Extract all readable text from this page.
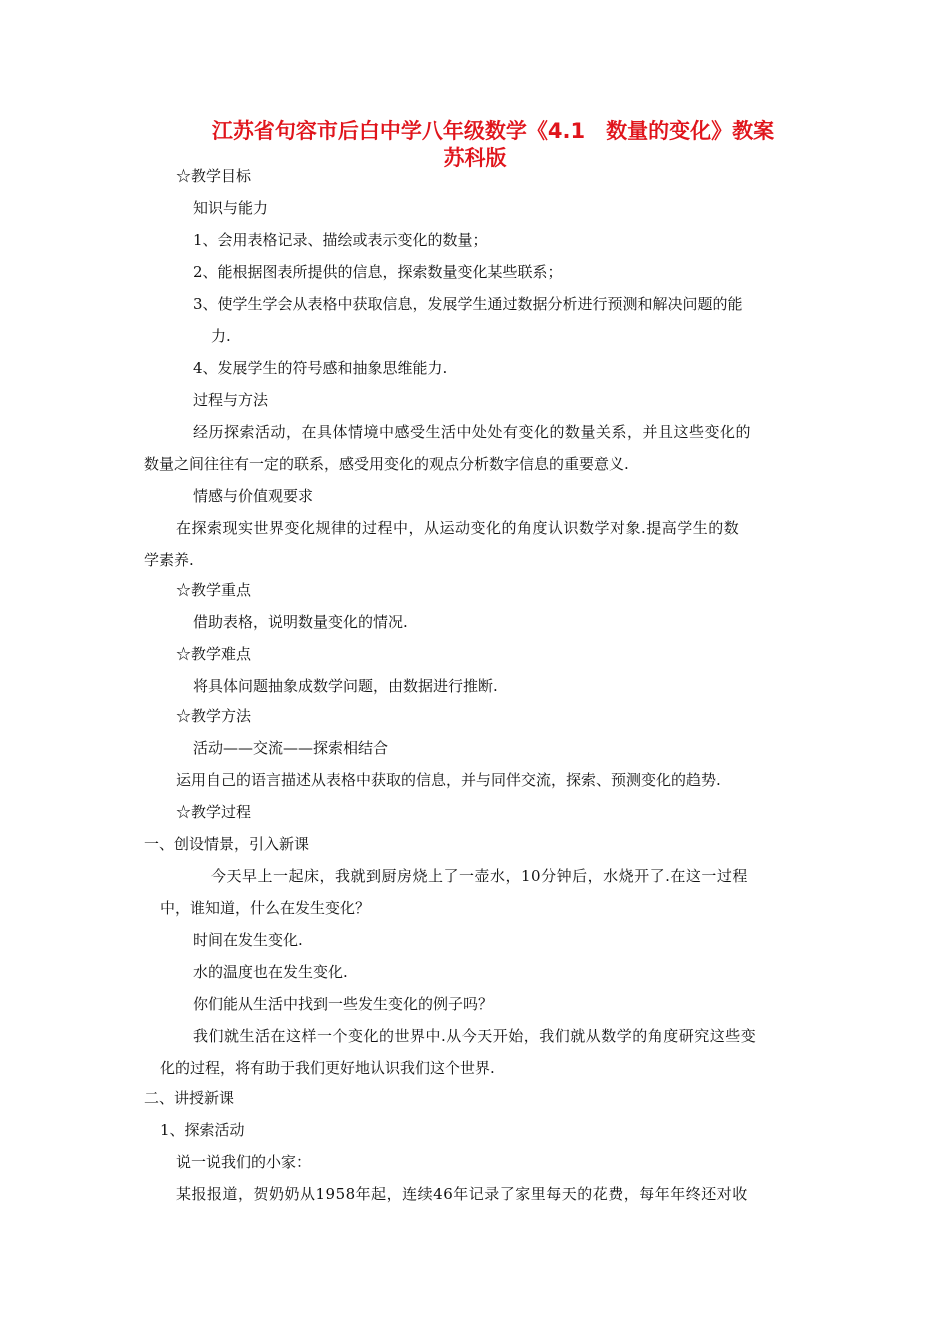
江苏省句容市后白中学八年级数学《4.1　数量的变化》教案
苏科版
☆教学目标
知识与能力
1、会用表格记录、描绘或表示变化的数量；
2、能根据图表所提供的信息，探索数量变化某些联系；
3、使学生学会从表格中获取信息，发展学生通过数据分析进行预测和解决问题的能
力.
4、发展学生的符号感和抽象思维能力.
过程与方法
经历探索活动，在具体情境中感受生活中处处有变化的数量关系，并且这些变化的
数量之间往往有一定的联系，感受用变化的观点分析数字信息的重要意义.
情感与价值观要求
在探索现实世界变化规律的过程中，从运动变化的角度认识数学对象.提高学生的数
学素养.
☆教学重点
借助表格，说明数量变化的情况.
☆教学难点
将具体问题抽象成数学问题，由数据进行推断.
☆教学方法
活动——交流——探索相结合
运用自己的语言描述从表格中获取的信息，并与同伴交流，探索、预测变化的趋势.
☆教学过程
一、创设情景，引入新课
今天早上一起床，我就到厨房烧上了一壶水，10分钟后，水烧开了.在这一过程
中，谁知道，什么在发生变化？
时间在发生变化.
水的温度也在发生变化.
你们能从生活中找到一些发生变化的例子吗？
我们就生活在这样一个变化的世界中.从今天开始，我们就从数学的角度研究这些变
化的过程，将有助于我们更好地认识我们这个世界.
二、讲授新课
1、探索活动
说一说我们的小家：
某报报道，贺奶奶从1958年起，连续46年记录了家里每天的花费，每年年终还对收
